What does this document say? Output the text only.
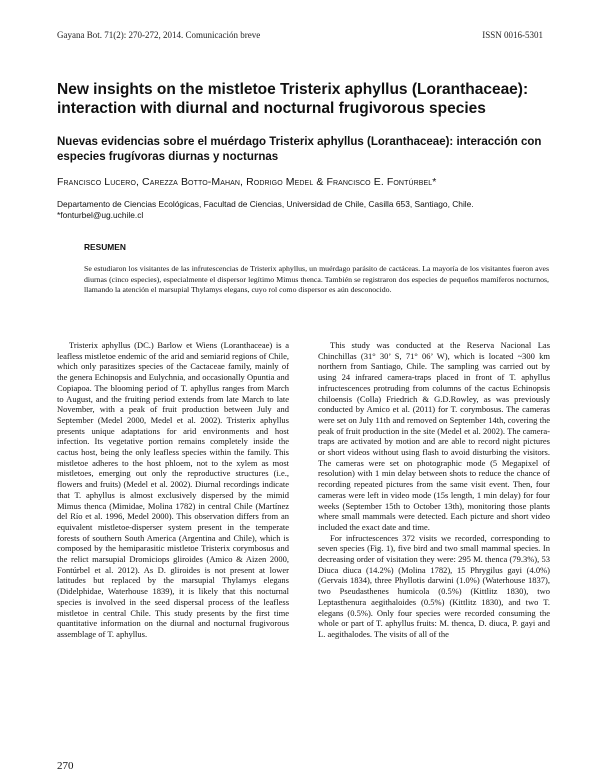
Gayana Bot. 71(2): 270-272, 2014. Comunicación breve	ISSN 0016-5301
New insights on the mistletoe Tristerix aphyllus (Loranthaceae): interaction with diurnal and nocturnal frugivorous species
Nuevas evidencias sobre el muérdago Tristerix aphyllus (Loranthaceae): interacción con especies frugívoras diurnas y nocturnas
Francisco Lucero, Carezza Botto-Mahan, Rodrigo Medel & Francisco E. Fontúrbel*
Departamento de Ciencias Ecológicas, Facultad de Ciencias, Universidad de Chile, Casilla 653, Santiago, Chile.
*fonturbel@ug.uchile.cl
RESUMEN
Se estudiaron los visitantes de las infrutescencias de Tristerix aphyllus, un muérdago parásito de cactáceas. La mayoría de los visitantes fueron aves diurnas (cinco especies), especialmente el dispersor legítimo Mimus thenca. También se registraron dos especies de pequeños mamíferos nocturnos, llamando la atención el marsupial Thylamys elegans, cuyo rol como dispersor es aún desconocido.

Tristerix aphyllus (DC.) Barlow et Wiens (Loranthaceae) is a leafless mistletoe endemic of the arid and semiarid regions of Chile, which only parasitizes species of the Cactaceae family, mainly of the genera Echinopsis and Eulychnia, and occasionally Opuntia and Copiapoa. The blooming period of T. aphyllus ranges from March to August, and the fruiting period extends from late March to late November, with a peak of fruit production between July and September (Medel 2000, Medel et al. 2002). Tristerix aphyllus presents unique adaptations for arid environments and host infection. Its vegetative portion remains completely inside the cactus host, being the only leafless species within the family. This mistletoe adheres to the host phloem, not to the xylem as most mistletoes, emerging out only the reproductive structures (i.e., flowers and fruits) (Medel et al. 2002). Diurnal recordings indicate that T. aphyllus is almost exclusively dispersed by the mimid Mimus thenca (Mimidae, Molina 1782) in central Chile (Martínez del Río et al. 1996, Medel 2000). This observation differs from an equivalent mistletoe-disperser system present in the temperate forests of southern South America (Argentina and Chile), which is composed by the hemiparasitic mistletoe Tristerix corymbosus and the relict marsupial Dromiciops gliroides (Amico & Aizen 2000, Fontúrbel et al. 2012). As D. gliroides is not present at lower latitudes but replaced by the marsupial Thylamys elegans (Didelphidae, Waterhouse 1839), it is likely that this nocturnal species is involved in the seed dispersal process of the leafless mistletoe in central Chile. This study presents by the first time quantitative information on the diurnal and nocturnal frugivorous assemblage of T. aphyllus.

This study was conducted at the Reserva Nacional Las Chinchillas (31° 30’ S, 71° 06’ W), which is located ~300 km northern from Santiago, Chile. The sampling was carried out by using 24 infrared camera-traps placed in front of T. aphyllus infructescences protruding from columns of the cactus Echinopsis chiloensis (Colla) Friedrich & G.D.Rowley, as was previously conducted by Amico et al. (2011) for T. corymbosus. The cameras were set on July 11th and removed on September 14th, covering the peak of fruit production in the site (Medel et al. 2002). The camera-traps are activated by motion and are able to record night pictures or short videos without using flash to avoid disturbing the visitors. The cameras were set on photographic mode (5 Megapixel of resolution) with 1 min delay between shots to reduce the chance of recording repeated pictures from the same visit event. Then, four cameras were left in video mode (15s length, 1 min delay) for four weeks (September 15th to October 13th), monitoring those plants where small mammals were detected. Each picture and short video included the exact date and time.

For infructescences 372 visits we recorded, corresponding to seven species (Fig. 1), five bird and two small mammal species. In decreasing order of visitation they were: 295 M. thenca (79.3%), 53 Diuca diuca (14.2%) (Molina 1782), 15 Phrygilus gayi (4.0%) (Gervais 1834), three Phyllotis darwini (1.0%) (Waterhouse 1837), two Pseudasthenes humicola (0.5%) (Kittlitz 1830), two Leptasthenura aegithaloides (0.5%) (Kittlitz 1830), and two T. elegans (0.5%). Only four species were recorded consuming the whole or part of T. aphyllus fruits: M. thenca, D. diuca, P. gayi and L. aegithalodes. The visits of all of the

270
